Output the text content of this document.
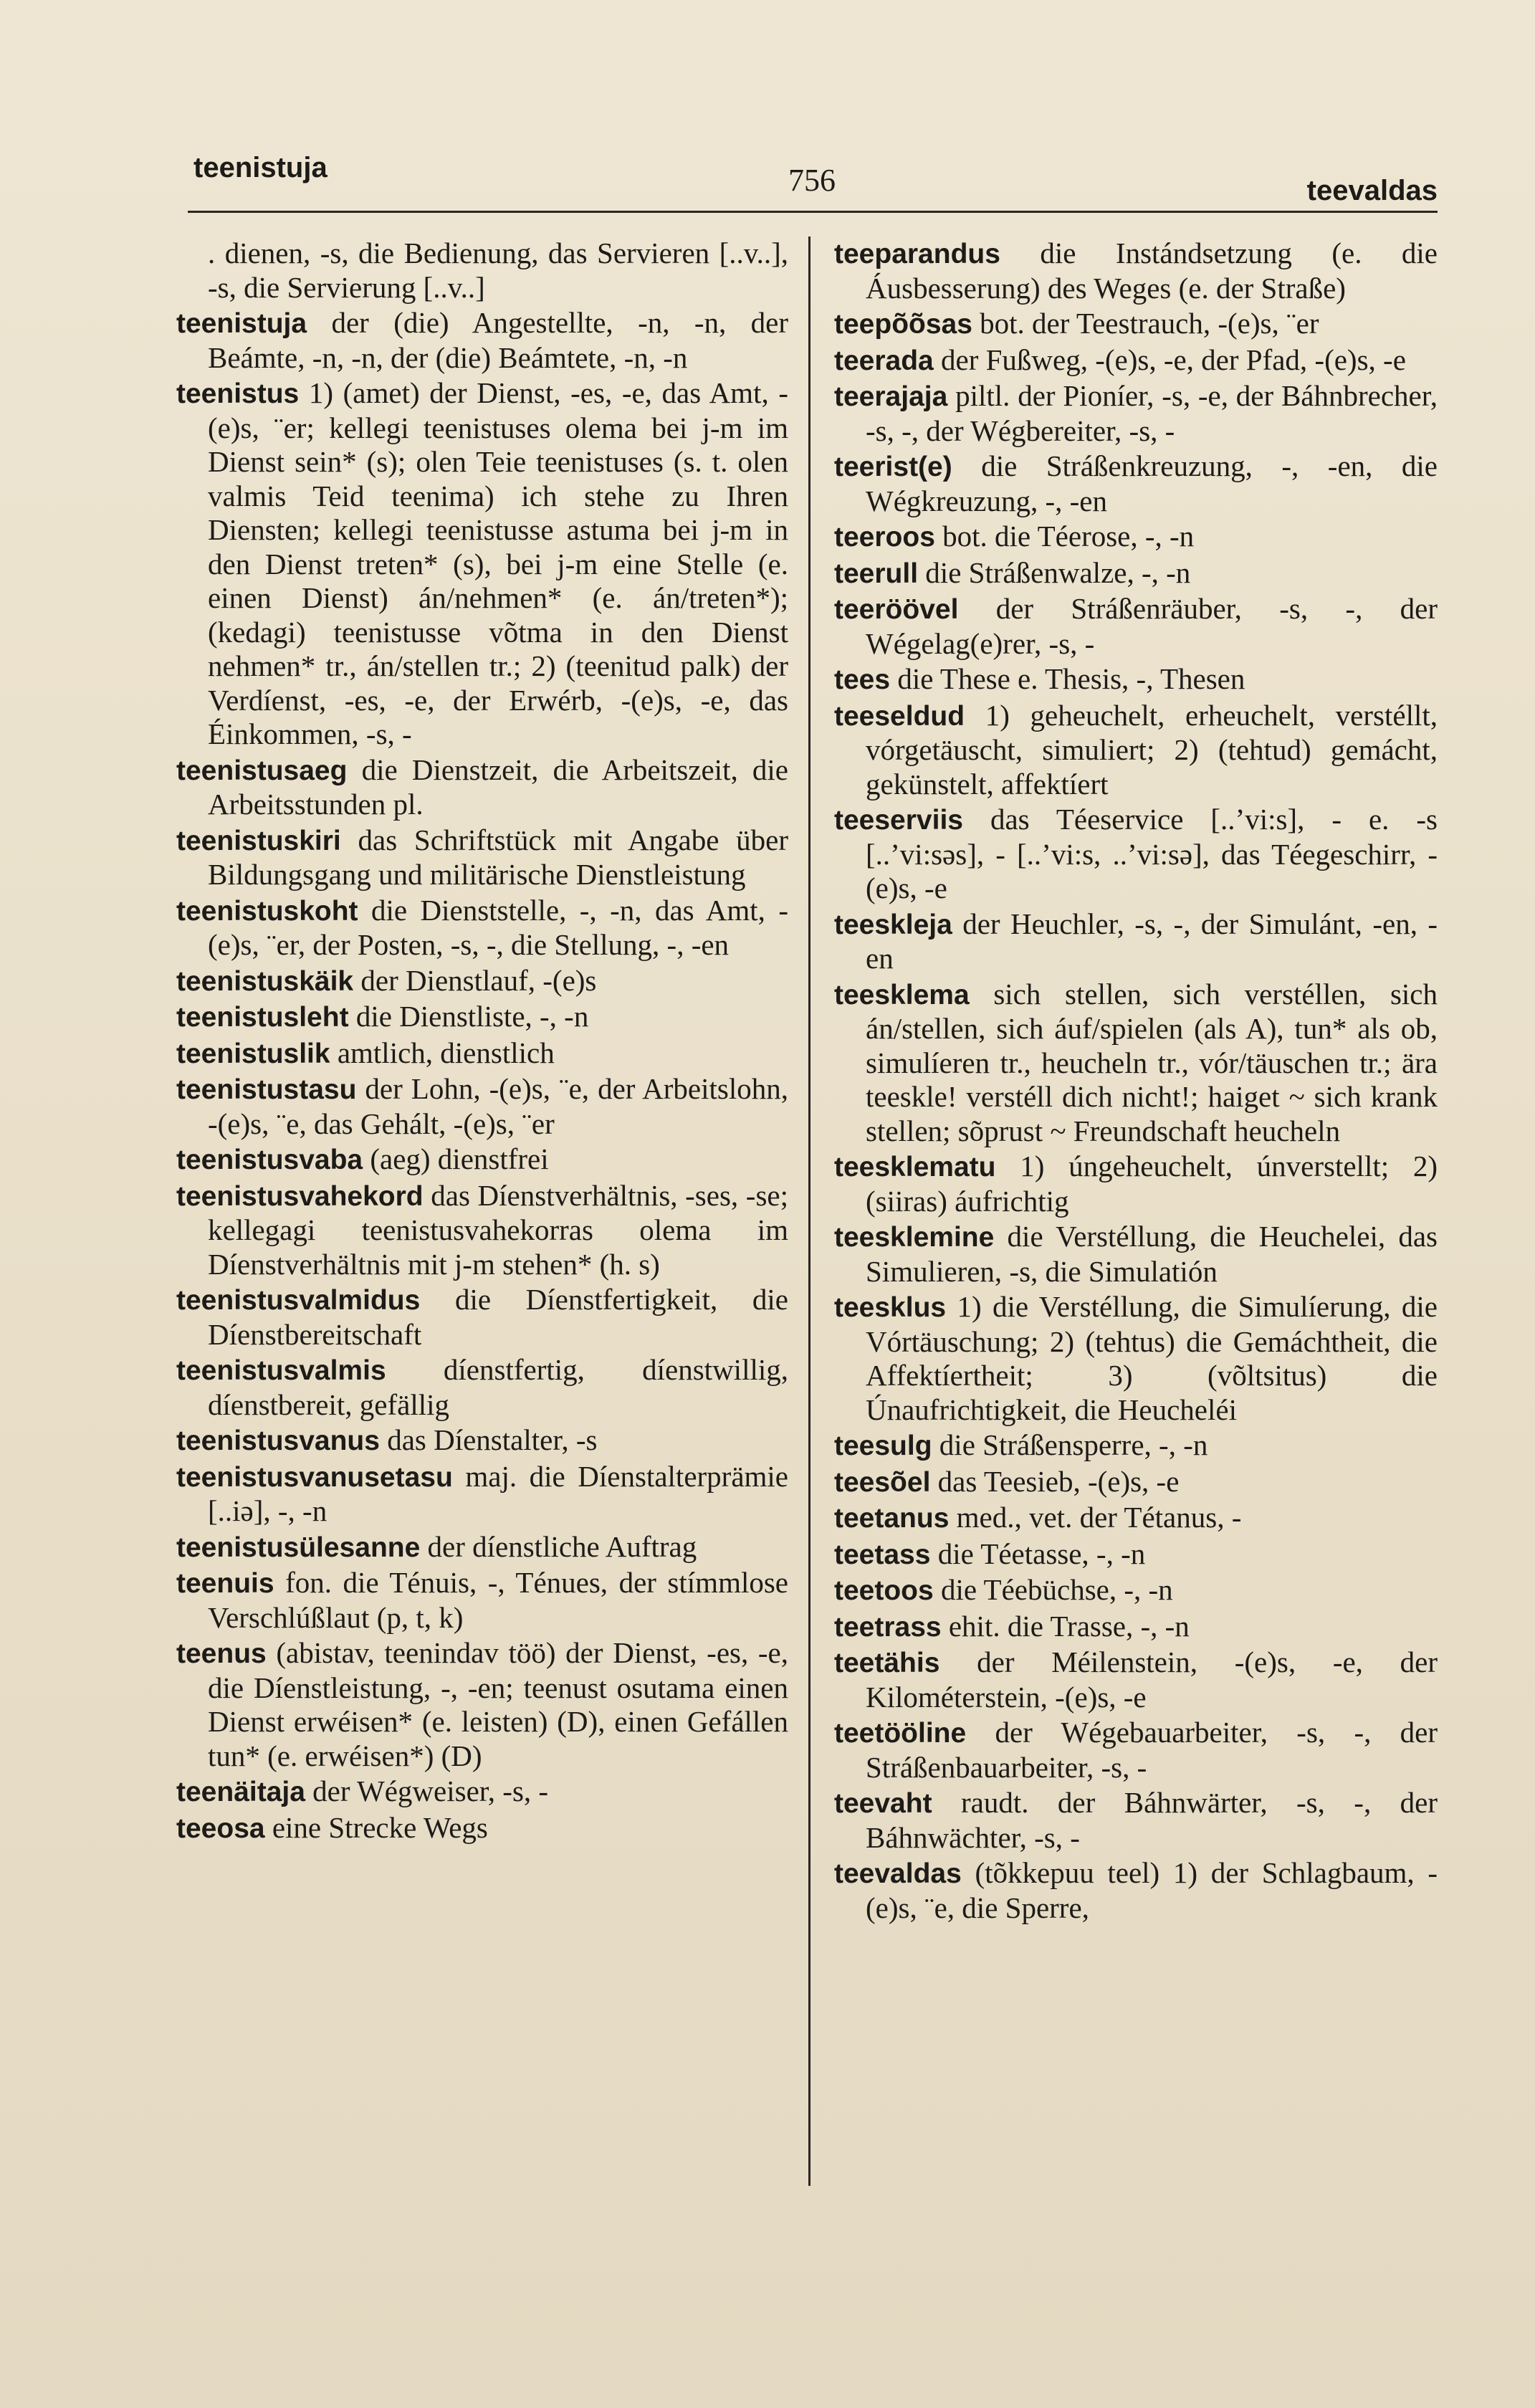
teenistuja	756	teevaldas
. dienen, -s, die Bedienung, das Servieren [..v..], -s, die Servierung [..v..]
teenistuja der (die) Angestellte, -n, -n, der Beámte, -n, -n, der (die) Beámtete, -n, -n
teenistus 1) (amet) der Dienst, -es, -e, das Amt, -(e)s, ¨er; kellegi teenistuses olema bei j-m im Dienst sein* (s); olen Teie teenistuses (s. t. olen valmis Teid teenima) ich stehe zu Ihren Diensten; kellegi teenistusse astuma bei j-m in den Dienst treten* (s), bei j-m eine Stelle (e. einen Dienst) án/nehmen* (e. án/treten*); (kedagi) teenistusse võtma in den Dienst nehmen* tr., án/stellen tr.; 2) (teenitud palk) der Verdíenst, -es, -e, der Erwérb, -(e)s, -e, das Éinkommen, -s, -
teenistusaeg die Dienstzeit, die Arbeitszeit, die Arbeitsstunden pl.
teenistuskiri das Schriftstück mit Angabe über Bildungsgang und militärische Dienstleistung
teenistuskoht die Dienststelle, -, -n, das Amt, -(e)s, ¨er, der Posten, -s, -, die Stellung, -, -en
teenistuskäik der Dienstlauf, -(e)s
teenistusleht die Dienstliste, -, -n
teenistuslik amtlich, dienstlich
teenistustasu der Lohn, -(e)s, ¨e, der Arbeitslohn, -(e)s, ¨e, das Gehált, -(e)s, ¨er
teenistusvaba (aeg) dienstfrei
teenistusvahekord das Díenstverhältnis, -ses, -se; kellegagi teenistusvahekorras olema im Díenstverhältnis mit j-m stehen* (h. s)
teenistusvalmidus die Díenstfertigkeit, die Díenstbereitschaft
teenistusvalmis díenstfertig, díenstwillig, díenstbereit, gefällig
teenistusvanus das Díenstalter, -s
teenistusvanusetasu maj. die Díenstalterprämie [..iə], -, -n
teenistusülesanne der díenstliche Auftrag
teenuis fon. die Ténuis, -, Ténues, der stímmlose Verschlúßlaut (p, t, k)
teenus (abistav, teenindav töö) der Dienst, -es, -e, die Díenstleistung, -, -en; teenust osutama einen Dienst erwéisen* (e. leisten) (D), einen Gefállen tun* (e. erwéisen*) (D)
teenäitaja der Wégweiser, -s, -
teeosa eine Strecke Wegs
teeparandus die Instándsetzung (e. die Áusbesserung) des Weges (e. der Straße)
teepõõsas bot. der Teestrauch, -(e)s, ¨er
teerada der Fußweg, -(e)s, -e, der Pfad, -(e)s, -e
teerajaja piltl. der Pioníer, -s, -e, der Báhnbrecher, -s, -, der Wégbereiter, -s, -
teerist(e) die Stráßenkreuzung, -, -en, die Wégkreuzung, -, -en
teeroos bot. die Téerose, -, -n
teerull die Stráßenwalze, -, -n
teeröövel der Stráßenräuber, -s, -, der Wégelag(e)rer, -s, -
tees die These e. Thesis, -, Thesen
teeseldud 1) geheuchelt, erheuchelt, verstéllt, vórgetäuscht, simuliert; 2) (tehtud) gemácht, gekünstelt, affektíert
teeserviis das Téeservice [..ʼvi:s], - e. -s [..ʼvi:səs], - [..ʼvi:s, ..ʼvi:sə], das Téegeschirr, -(e)s, -e
teeskleja der Heuchler, -s, -, der Simulánt, -en, -en
teesklema sich stellen, sich verstéllen, sich án/stellen, sich áuf/spielen (als A), tun* als ob, simulíeren tr., heucheln tr., vór/täuschen tr.; ära teeskle! verstéll dich nicht!; haiget ~ sich krank stellen; sõprust ~ Freundschaft heucheln
teesklematu 1) úngeheuchelt, únverstellt; 2) (siiras) áufrichtig
teesklemine die Verstéllung, die Heuchelei, das Simulieren, -s, die Simulatión
teesklus 1) die Verstéllung, die Simulíerung, die Vórtäuschung; 2) (tehtus) die Gemáchtheit, die Affektíertheit; 3) (võltsitus) die Únaufrichtigkeit, die Heucheléi
teesulg die Stráßensperre, -, -n
teesõel das Teesieb, -(e)s, -e
teetanus med., vet. der Tétanus, -
teetass die Téetasse, -, -n
teetoos die Téebüchse, -, -n
teetrass ehit. die Trasse, -, -n
teetähis der Méilenstein, -(e)s, -e, der Kilométerstein, -(e)s, -e
teetööline der Wégebauarbeiter, -s, -, der Stráßenbauarbeiter, -s, -
teevaht raudt. der Báhnwärter, -s, -, der Báhnwächter, -s, -
teevaldas (tõkkepuu teel) 1) der Schlagbaum, -(e)s, ¨e, die Sperre,
